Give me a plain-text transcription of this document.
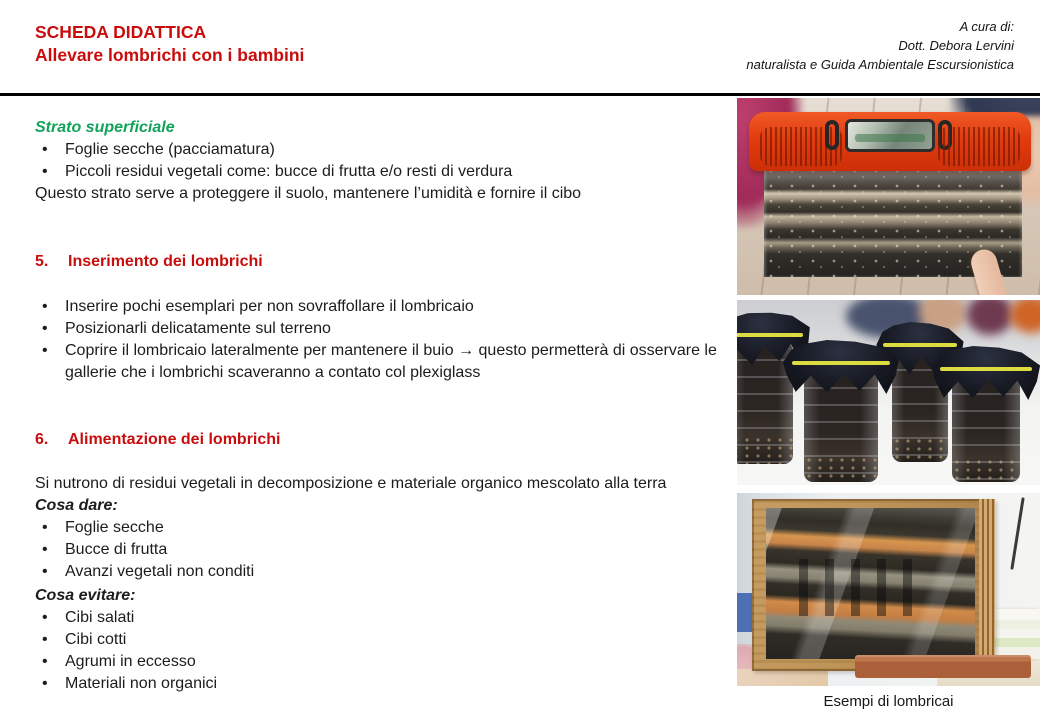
SCHEDA DIDATTICA
Allevare lombrichi con i bambini
A cura di:
Dott. Debora Lervini
naturalista e Guida Ambientale Escursionistica

Strato superficiale

• Foglie secche (pacciamatura)
• Piccoli residui vegetali come: bucce di frutta e/o resti di verdura

Questo strato serve a proteggere il suolo, mantenere l’umidità e fornire il cibo

5.	Inserimento dei lombrichi

• Inserire pochi esemplari per non sovraffollare il lombricaio
• Posizionarli delicatamente sul terreno
• Coprire il lombricaio lateralmente per mantenere il buio → questo permetterà di osservare le gallerie che i lombrichi scaveranno a contato col plexiglass

6.	Alimentazione dei lombrichi

Si nutrono di residui vegetali in decomposizione e materiale organico mescolato alla terra

Cosa dare:

• Foglie secche
• Bucce di frutta
• Avanzi vegetali non conditi

Cosa evitare:

• Cibi salati
• Cibi cotti
• Agrumi in eccesso
• Materiali non organici
Esempi di lombricai
